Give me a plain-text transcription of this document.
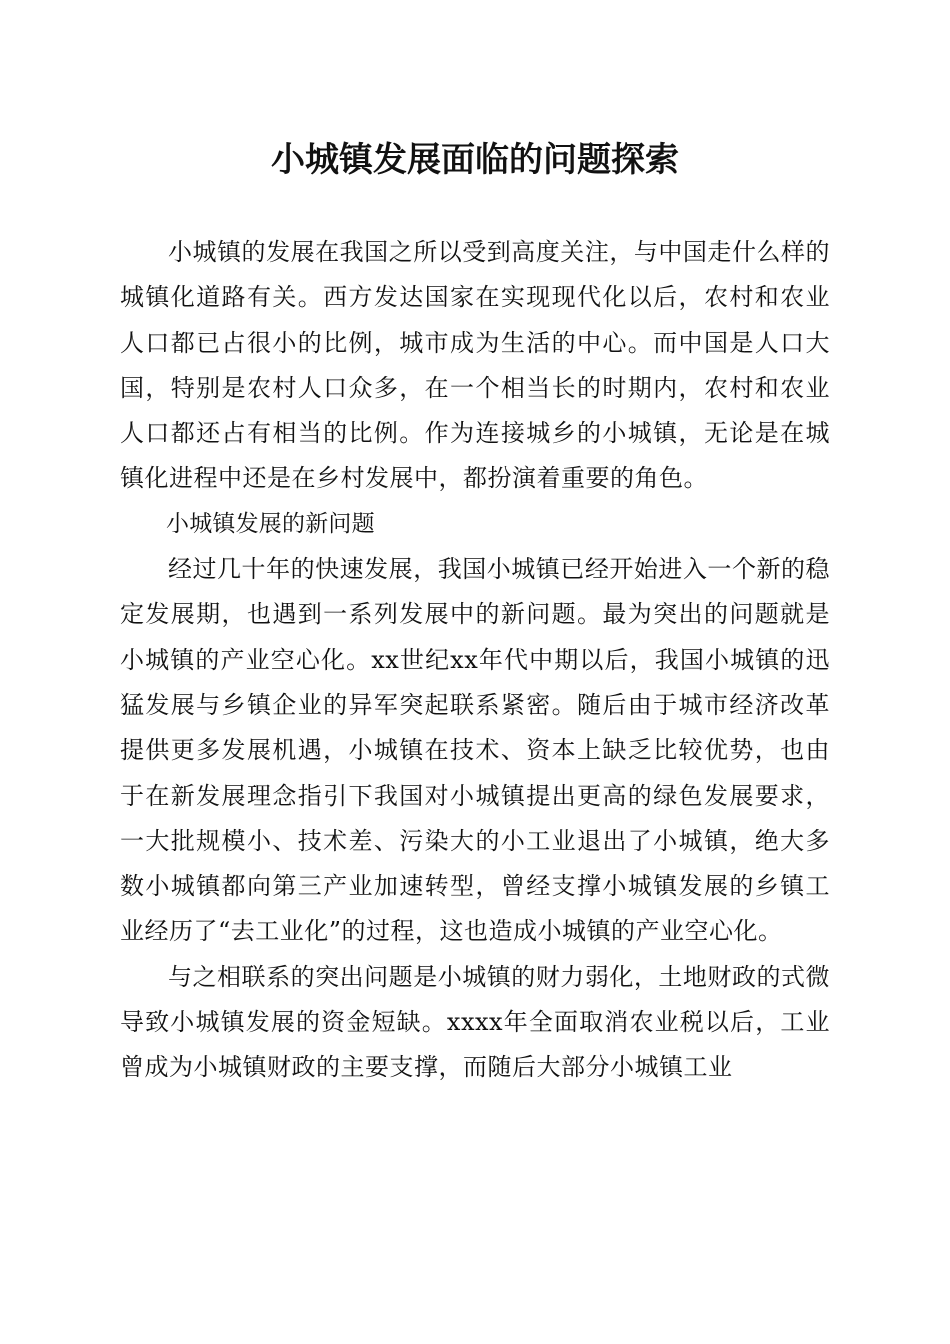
小城镇发展面临的问题探索

小城镇的发展在我国之所以受到高度关注，与中国走什么样的城镇化道路有关。西方发达国家在实现现代化以后，农村和农业人口都已占很小的比例，城市成为生活的中心。而中国是人口大国，特别是农村人口众多，在一个相当长的时期内，农村和农业人口都还占有相当的比例。作为连接城乡的小城镇，无论是在城镇化进程中还是在乡村发展中，都扮演着重要的角色。

小城镇发展的新问题

经过几十年的快速发展，我国小城镇已经开始进入一个新的稳定发展期，也遇到一系列发展中的新问题。最为突出的问题就是小城镇的产业空心化。xx世纪xx年代中期以后，我国小城镇的迅猛发展与乡镇企业的异军突起联系紧密。随后由于城市经济改革提供更多发展机遇，小城镇在技术、资本上缺乏比较优势，也由于在新发展理念指引下我国对小城镇提出更高的绿色发展要求，一大批规模小、技术差、污染大的小工业退出了小城镇，绝大多数小城镇都向第三产业加速转型，曾经支撑小城镇发展的乡镇工业经历了“去工业化”的过程，这也造成小城镇的产业空心化。

与之相联系的突出问题是小城镇的财力弱化，土地财政的式微导致小城镇发展的资金短缺。xxxx年全面取消农业税以后，工业曾成为小城镇财政的主要支撑，而随后大部分小城镇工业
